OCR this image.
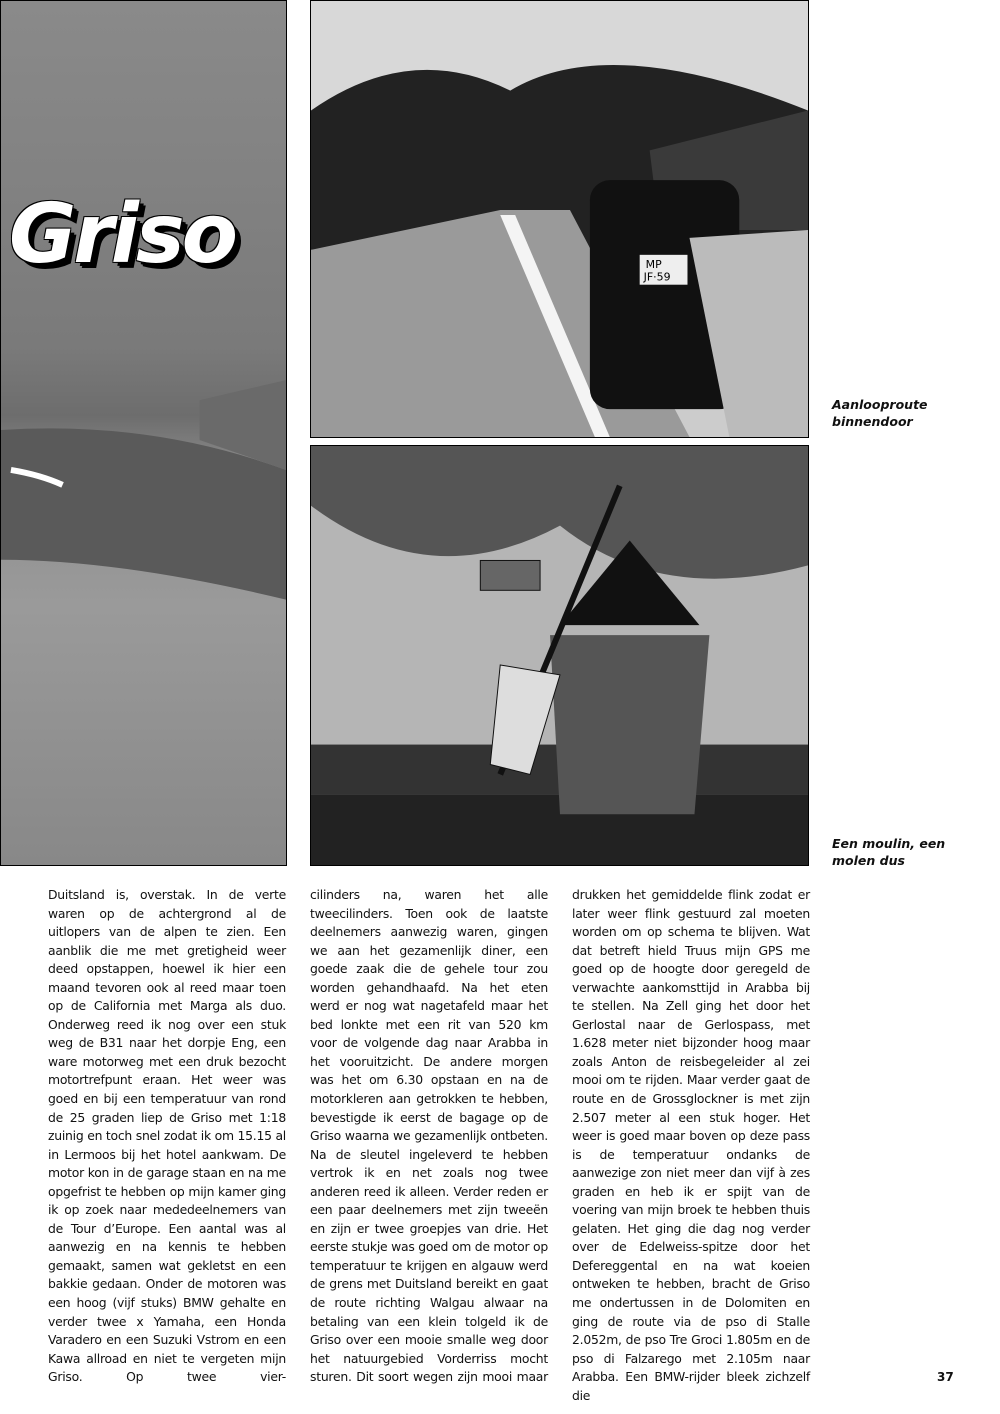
Griso	MP
JF·59
Aanlooproute
binnendoor
Een moulin, een
molen dus

Duitsland is, overstak. In de verte waren op de achtergrond al de uitlopers van de alpen te zien. Een aanblik die me met gretigheid weer deed opstappen, hoewel ik hier een maand tevoren ook al reed maar toen op de California met Marga als duo. Onderweg reed ik nog over een stuk weg de B31 naar het dorpje Eng, een ware motorweg met een druk bezocht motortrefpunt eraan. Het weer was goed en bij een temperatuur van rond de 25 graden liep de Griso met 1:18 zuinig en toch snel zodat ik om 15.15 al in Lermoos bij het hotel aankwam. De motor kon in de garage staan en na me opgefrist te hebben op mijn kamer ging ik op zoek naar mededeelnemers van de Tour d’Europe. Een aantal was al aanwezig en na kennis te hebben gemaakt, samen wat gekletst en een bakkie gedaan. Onder de motoren was een hoog (vijf stuks) BMW gehalte en verder twee x Yamaha, een Honda Varadero en een Suzuki Vstrom en een Kawa allroad en niet te vergeten mijn Griso. Op twee vier-

cilinders na, waren het alle tweecilinders. Toen ook de laatste deelnemers aanwezig waren, gingen we aan het gezamenlijk diner, een goede zaak die de gehele tour zou worden gehandhaafd. Na het eten werd er nog wat nagetafeld maar het bed lonkte met een rit van 520 km voor de volgende dag naar Arabba in het vooruitzicht. De andere morgen was het om 6.30 opstaan en na de motorkleren aan getrokken te hebben, bevestigde ik eerst de bagage op de Griso waarna we gezamenlijk ontbeten. Na de sleutel ingeleverd te hebben vertrok ik en net zoals nog twee anderen reed ik alleen. Verder reden er een paar deelnemers met zijn tweeën en zijn er twee groepjes van drie. Het eerste stukje was goed om de motor op temperatuur te krijgen en algauw werd de grens met Duitsland bereikt en gaat de route richting Walgau alwaar na betaling van een klein tolgeld ik de Griso over een mooie smalle weg door het natuurgebied Vorderriss mocht sturen. Dit soort wegen zijn mooi maar

drukken het gemiddelde flink zodat er later weer flink gestuurd zal moeten worden om op schema te blijven. Wat dat betreft hield Truus mijn GPS me goed op de hoogte door geregeld de verwachte aankomsttijd in Arabba bij te stellen. Na Zell ging het door het Gerlostal naar de Gerlospass, met 1.628 meter niet bijzonder hoog maar zoals Anton de reisbegeleider al zei mooi om te rijden. Maar verder gaat de route en de Grossglockner is met zijn 2.507 meter al een stuk hoger. Het weer is goed maar boven op deze pass is de temperatuur ondanks de aanwezige zon niet meer dan vijf à zes graden en heb ik er spijt van de voering van mijn broek te hebben thuis gelaten. Het ging die dag nog verder over de Edelweiss-spitze door het Defereggental en na wat koeien ontweken te hebben, bracht de Griso me ondertussen in de Dolomiten en ging de route via de pso di Stalle 2.052m, de pso Tre Groci 1.805m en de pso di Falzarego met 2.105m naar Arabba. Een BMW-rijder bleek zichzelf die

37
